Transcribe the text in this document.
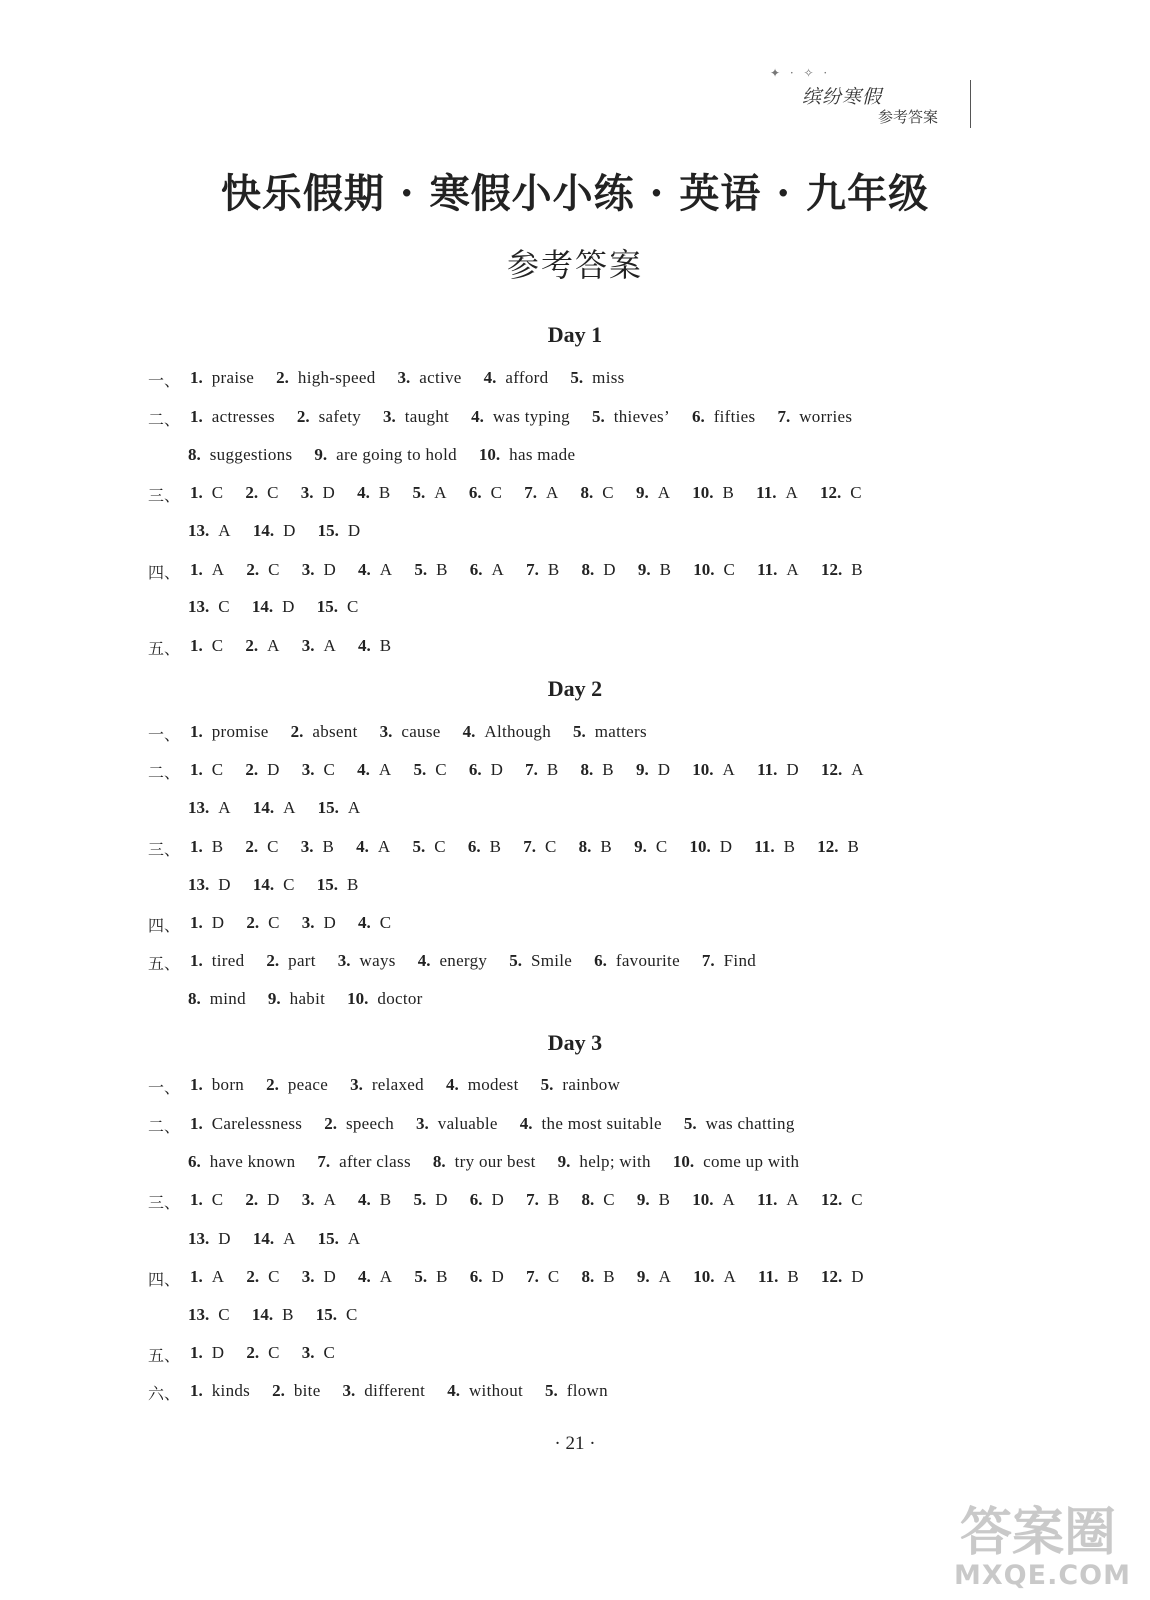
✦ · ✧ ·
缤纷寒假
参考答案
快乐假期 · 寒假小小练 · 英语 · 九年级
参考答案
Day 1
一、 1. praise 2. high-speed 3. active 4. afford 5. miss
二、 1. actresses 2. safety 3. taught 4. was typing 5. thieves’ 6. fifties 7. worries
8. suggestions 9. are going to hold 10. has made
三、 1. C 2. C 3. D 4. B 5. A 6. C 7. A 8. C 9. A 10. B 11. A 12. C
13. A 14. D 15. D
四、 1. A 2. C 3. D 4. A 5. B 6. A 7. B 8. D 9. B 10. C 11. A 12. B
13. C 14. D 15. C
五、 1. C 2. A 3. A 4. B
Day 2
一、 1. promise 2. absent 3. cause 4. Although 5. matters
二、 1. C 2. D 3. C 4. A 5. C 6. D 7. B 8. B 9. D 10. A 11. D 12. A
13. A 14. A 15. A
三、 1. B 2. C 3. B 4. A 5. C 6. B 7. C 8. B 9. C 10. D 11. B 12. B
13. D 14. C 15. B
四、 1. D 2. C 3. D 4. C
五、 1. tired 2. part 3. ways 4. energy 5. Smile 6. favourite 7. Find
8. mind 9. habit 10. doctor
Day 3
一、 1. born 2. peace 3. relaxed 4. modest 5. rainbow
二、 1. Carelessness 2. speech 3. valuable 4. the most suitable 5. was chatting
6. have known 7. after class 8. try our best 9. help; with 10. come up with
三、 1. C 2. D 3. A 4. B 5. D 6. D 7. B 8. C 9. B 10. A 11. A 12. C
13. D 14. A 15. A
四、 1. A 2. C 3. D 4. A 5. B 6. D 7. C 8. B 9. A 10. A 11. B 12. D
13. C 14. B 15. C
五、 1. D 2. C 3. C
六、 1. kinds 2. bite 3. different 4. without 5. flown
· 21 ·
答案圈
MXQE.COM
